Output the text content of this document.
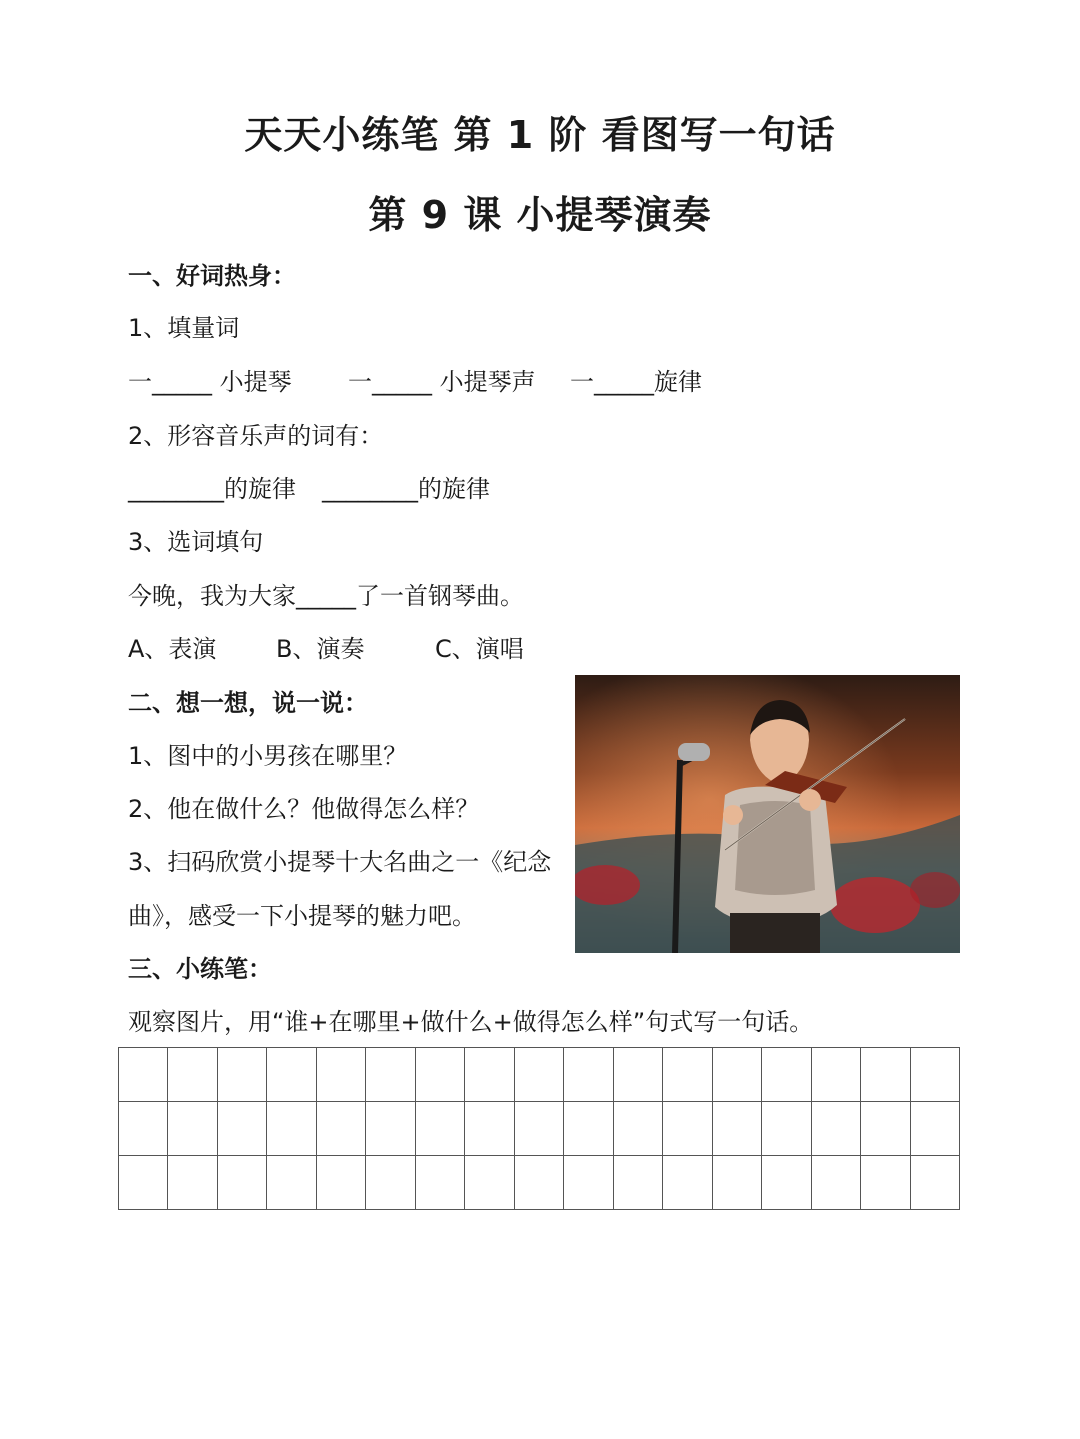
天天小练笔 第 1 阶 看图写一句话
第 9 课 小提琴演奏
一、好词热身：
1、填量词
一_____ 小提琴 一_____ 小提琴声 一_____旋律
2、形容音乐声的词有：
________的旋律 ________的旋律
3、选词填句
今晚，我为大家_____了一首钢琴曲。
A、表演 B、演奏	C、演唱
二、想一想，说一说：
1、图中的小男孩在哪里？
2、他在做什么？他做得怎么样？
3、扫码欣赏小提琴十大名曲之一《纪念
曲》，感受一下小提琴的魅力吧。
三、小练笔：
观察图片，用“谁+在哪里+做什么+做得怎么样”句式写一句话。
